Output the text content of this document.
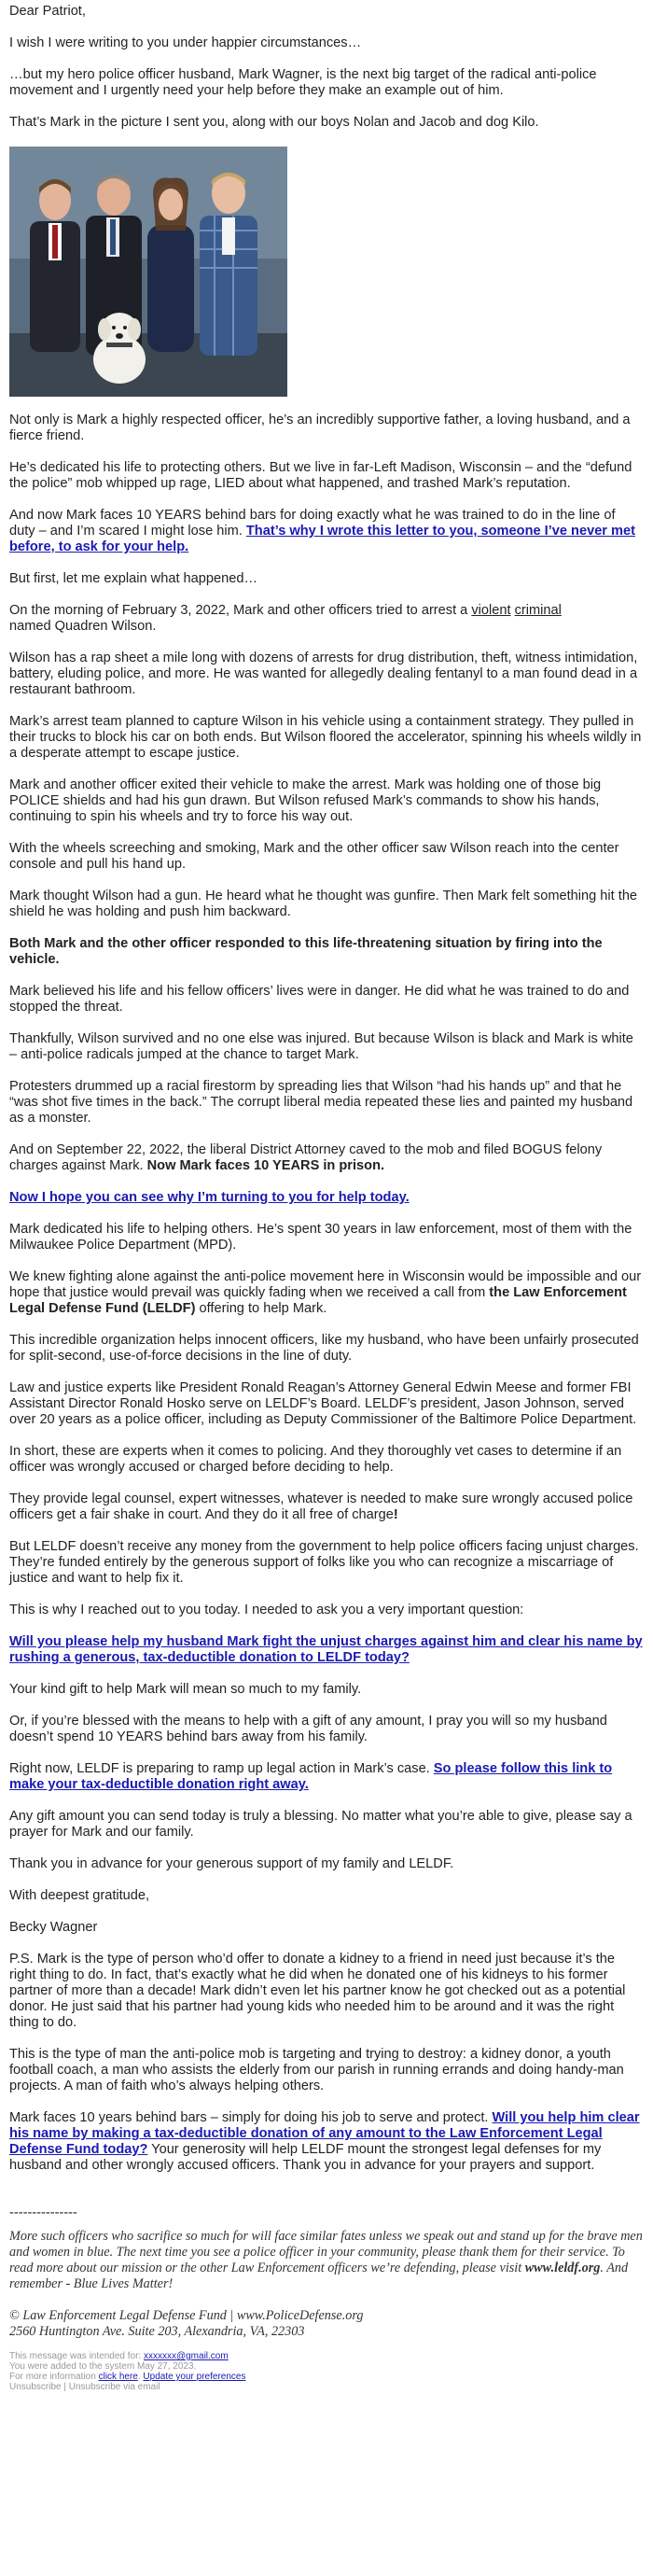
Dear Patriot,

I wish I were writing to you under happier circumstances…

…but my hero police officer husband, Mark Wagner, is the next big target of the radical anti-police movement and I urgently need your help before they make an example out of him.

That’s Mark in the picture I sent you, along with our boys Nolan and Jacob and dog Kilo.

Not only is Mark a highly respected officer, he’s an incredibly supportive father, a loving husband, and a fierce friend.

He’s dedicated his life to protecting others. But we live in far-Left Madison, Wisconsin – and the “defund the police” mob whipped up rage, LIED about what happened, and trashed Mark’s reputation.

And now Mark faces 10 YEARS behind bars for doing exactly what he was trained to do in the line of duty – and I’m scared I might lose him. That’s why I wrote this letter to you, someone I’ve never met before, to ask for your help.

But first, let me explain what happened…

On the morning of February 3, 2022, Mark and other officers tried to arrest a violent criminal
named Quadren Wilson.

Wilson has a rap sheet a mile long with dozens of arrests for drug distribution, theft, witness intimidation, battery, eluding police, and more. He was wanted for allegedly dealing fentanyl to a man found dead in a restaurant bathroom.

Mark’s arrest team planned to capture Wilson in his vehicle using a containment strategy. They pulled in their trucks to block his car on both ends. But Wilson floored the accelerator, spinning his wheels wildly in a desperate attempt to escape justice.

Mark and another officer exited their vehicle to make the arrest. Mark was holding one of those big POLICE shields and had his gun drawn. But Wilson refused Mark’s commands to show his hands, continuing to spin his wheels and try to force his way out.

With the wheels screeching and smoking, Mark and the other officer saw Wilson reach into the center console and pull his hand up.

Mark thought Wilson had a gun. He heard what he thought was gunfire. Then Mark felt something hit the shield he was holding and push him backward.

Both Mark and the other officer responded to this life-threatening situation by firing into the vehicle.

Mark believed his life and his fellow officers’ lives were in danger. He did what he was trained to do and stopped the threat.

Thankfully, Wilson survived and no one else was injured. But because Wilson is black and Mark is white – anti-police radicals jumped at the chance to target Mark.

Protesters drummed up a racial firestorm by spreading lies that Wilson “had his hands up” and that he “was shot five times in the back.” The corrupt liberal media repeated these lies and painted my husband as a monster.

And on September 22, 2022, the liberal District Attorney caved to the mob and filed BOGUS felony charges against Mark. Now Mark faces 10 YEARS in prison.

Now I hope you can see why I’m turning to you for help today.

Mark dedicated his life to helping others. He’s spent 30 years in law enforcement, most of them with the Milwaukee Police Department (MPD).

We knew fighting alone against the anti-police movement here in Wisconsin would be impossible and our hope that justice would prevail was quickly fading when we received a call from the Law Enforcement Legal Defense Fund (LELDF) offering to help Mark.

This incredible organization helps innocent officers, like my husband, who have been unfairly prosecuted for split-second, use-of-force decisions in the line of duty.

Law and justice experts like President Ronald Reagan’s Attorney General Edwin Meese and former FBI Assistant Director Ronald Hosko serve on LELDF’s Board. LELDF’s president, Jason Johnson, served over 20 years as a police officer, including as Deputy Commissioner of the Baltimore Police Department.

In short, these are experts when it comes to policing. And they thoroughly vet cases to determine if an officer was wrongly accused or charged before deciding to help.

They provide legal counsel, expert witnesses, whatever is needed to make sure wrongly accused police officers get a fair shake in court. And they do it all free of charge!

But LELDF doesn’t receive any money from the government to help police officers facing unjust charges. They’re funded entirely by the generous support of folks like you who can recognize a miscarriage of justice and want to help fix it.

This is why I reached out to you today. I needed to ask you a very important question:

Will you please help my husband Mark fight the unjust charges against him and clear his name by rushing a generous, tax-deductible donation to LELDF today?

Your kind gift to help Mark will mean so much to my family.

Or, if you’re blessed with the means to help with a gift of any amount, I pray you will so my husband doesn’t spend 10 YEARS behind bars away from his family.

Right now, LELDF is preparing to ramp up legal action in Mark’s case. So please follow this link to make your tax-deductible donation right away.

Any gift amount you can send today is truly a blessing. No matter what you’re able to give, please say a prayer for Mark and our family.

Thank you in advance for your generous support of my family and LELDF.

With deepest gratitude,

Becky Wagner

P.S. Mark is the type of person who’d offer to donate a kidney to a friend in need just because it’s the right thing to do. In fact, that’s exactly what he did when he donated one of his kidneys to his former partner of more than a decade! Mark didn’t even let his partner know he got checked out as a potential donor. He just said that his partner had young kids who needed him to be around and it was the right thing to do.

This is the type of man the anti-police mob is targeting and trying to destroy: a kidney donor, a youth football coach, a man who assists the elderly from our parish in running errands and doing handy-man projects. A man of faith who’s always helping others.

Mark faces 10 years behind bars – simply for doing his job to serve and protect. Will you help him clear his name by making a tax-deductible donation of any amount to the Law Enforcement Legal Defense Fund today? Your generosity will help LELDF mount the strongest legal defenses for my husband and other wrongly accused officers. Thank you in advance for your prayers and support.

---------------

More such officers who sacrifice so much for will face similar fates unless we speak out and stand up for the brave men and women in blue. The next time you see a police officer in your community, please thank them for their service. To read more about our mission or the other Law Enforcement officers we’re defending, please visit www.leldf.org. And remember - Blue Lives Matter!

© Law Enforcement Legal Defense Fund | www.PoliceDefense.org
2560 Huntington Ave. Suite 203, Alexandria, VA, 22303
This message was intended for: xxxxxxx@gmail.com
You were added to the system May 27, 2023.
For more information click here. Update your preferences
Unsubscribe | Unsubscribe via email
